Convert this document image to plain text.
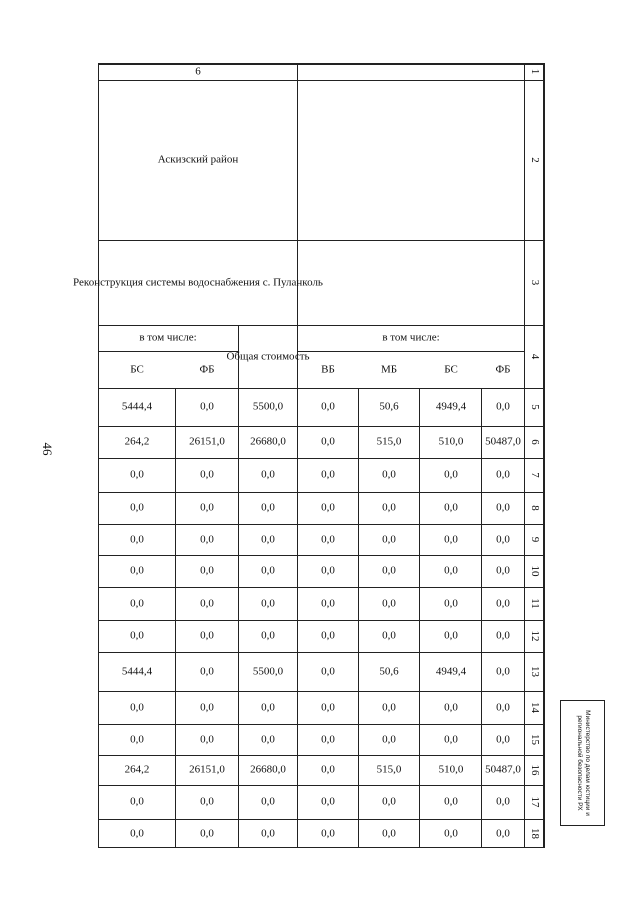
46
1
2
3
4
5
6
7
8
9
10
11
12
13
14
15
16
17
18
в том числе:
ФБ
БС
МБ
ВБ
Общая стоимость
в том числе:
ФБ
БС
6
Аскизский район
Реконструкция системы водоснабжения с. Пуланколь
0,0
50487,0
0,0
0,0
0,0
0,0
0,0
0,0
0,0
0,0
0,0
50487,0
0,0
0,0
4949,4
510,0
0,0
0,0
0,0
0,0
0,0
0,0
4949,4
0,0
0,0
510,0
0,0
0,0
50,6
515,0
0,0
0,0
0,0
0,0
0,0
0,0
50,6
0,0
0,0
515,0
0,0
0,0
0,0
0,0
0,0
0,0
0,0
0,0
0,0
0,0
0,0
0,0
0,0
0,0
0,0
0,0
5500,0
26680,0
0,0
0,0
0,0
0,0
0,0
0,0
5500,0
0,0
0,0
26680,0
0,0
0,0
0,0
26151,0
0,0
0,0
0,0
0,0
0,0
0,0
0,0
0,0
0,0
26151,0
0,0
0,0
5444,4
264,2
0,0
0,0
0,0
0,0
0,0
0,0
5444,4
0,0
0,0
264,2
0,0
0,0
Министерство по делам юстиции и региональной безопасности РХ
